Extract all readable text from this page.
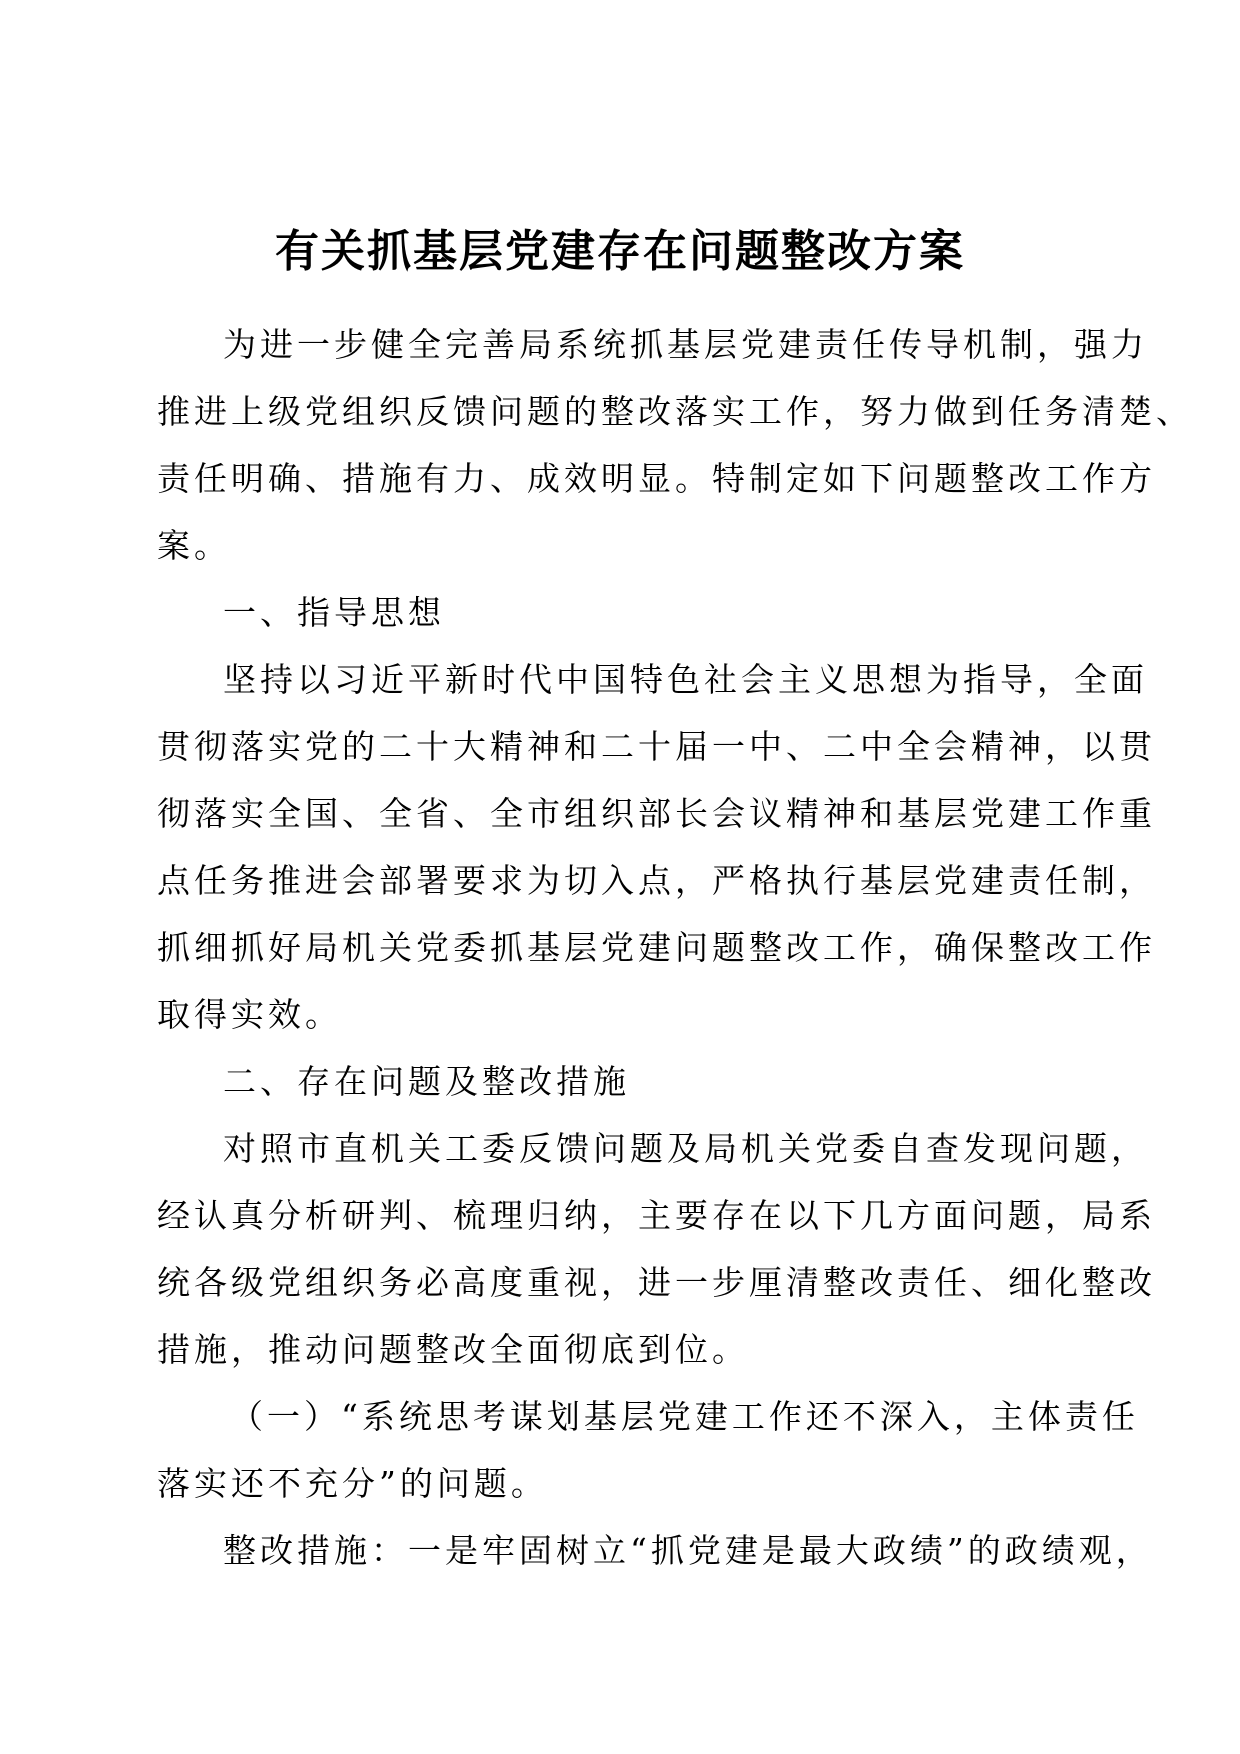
有关抓基层党建存在问题整改方案
为进一步健全完善局系统抓基层党建责任传导机制，强力
推进上级党组织反馈问题的整改落实工作，努力做到任务清楚、
责任明确、措施有力、成效明显。特制定如下问题整改工作方
案。
一、指导思想
坚持以习近平新时代中国特色社会主义思想为指导，全面
贯彻落实党的二十大精神和二十届一中、二中全会精神，以贯
彻落实全国、全省、全市组织部长会议精神和基层党建工作重
点任务推进会部署要求为切入点，严格执行基层党建责任制，
抓细抓好局机关党委抓基层党建问题整改工作，确保整改工作
取得实效。
二、存在问题及整改措施
对照市直机关工委反馈问题及局机关党委自查发现问题，
经认真分析研判、梳理归纳，主要存在以下几方面问题，局系
统各级党组织务必高度重视，进一步厘清整改责任、细化整改
措施，推动问题整改全面彻底到位。
（一）“系统思考谋划基层党建工作还不深入，主体责任
落实还不充分”的问题。
整改措施：一是牢固树立“抓党建是最大政绩”的政绩观，
